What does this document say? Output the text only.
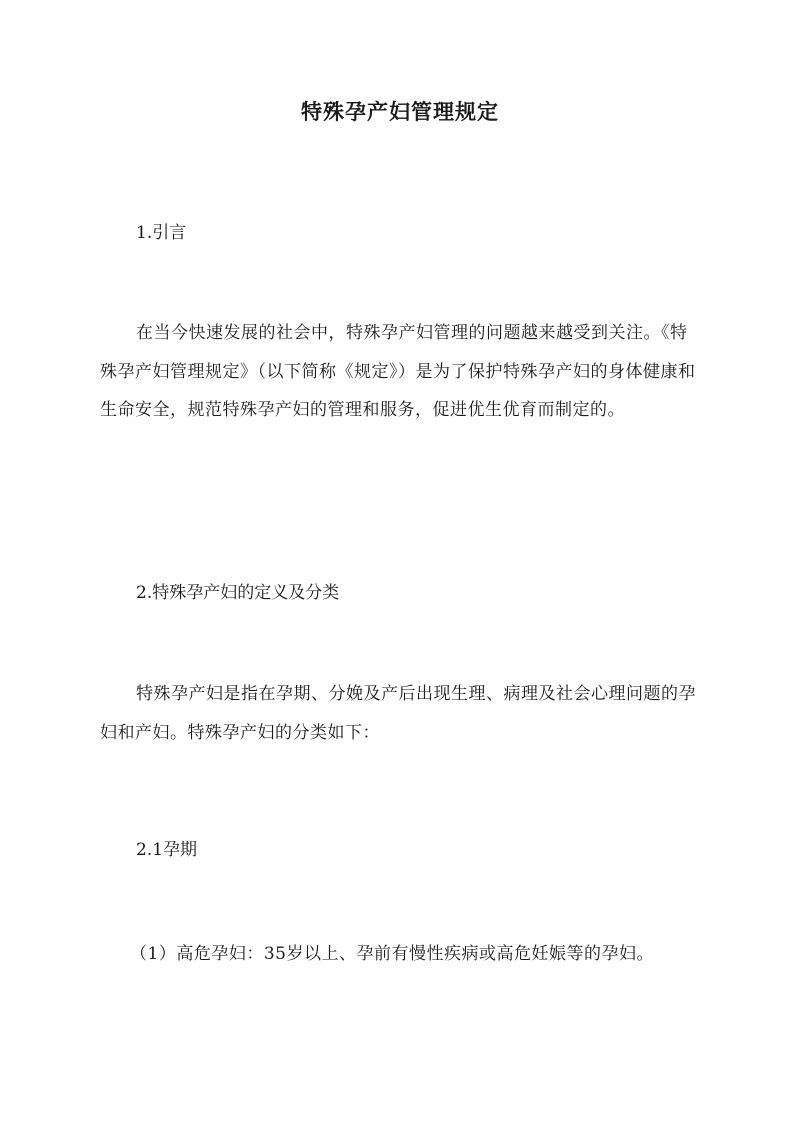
特殊孕产妇管理规定

1.引言

在当今快速发展的社会中，特殊孕产妇管理的问题越来越受到关注。《特殊孕产妇管理规定》（以下简称《规定》）是为了保护特殊孕产妇的身体健康和生命安全，规范特殊孕产妇的管理和服务，促进优生优育而制定的。

2.特殊孕产妇的定义及分类

特殊孕产妇是指在孕期、分娩及产后出现生理、病理及社会心理问题的孕妇和产妇。特殊孕产妇的分类如下：

2.1孕期

（1）高危孕妇：35岁以上、孕前有慢性疾病或高危妊娠等的孕妇。
